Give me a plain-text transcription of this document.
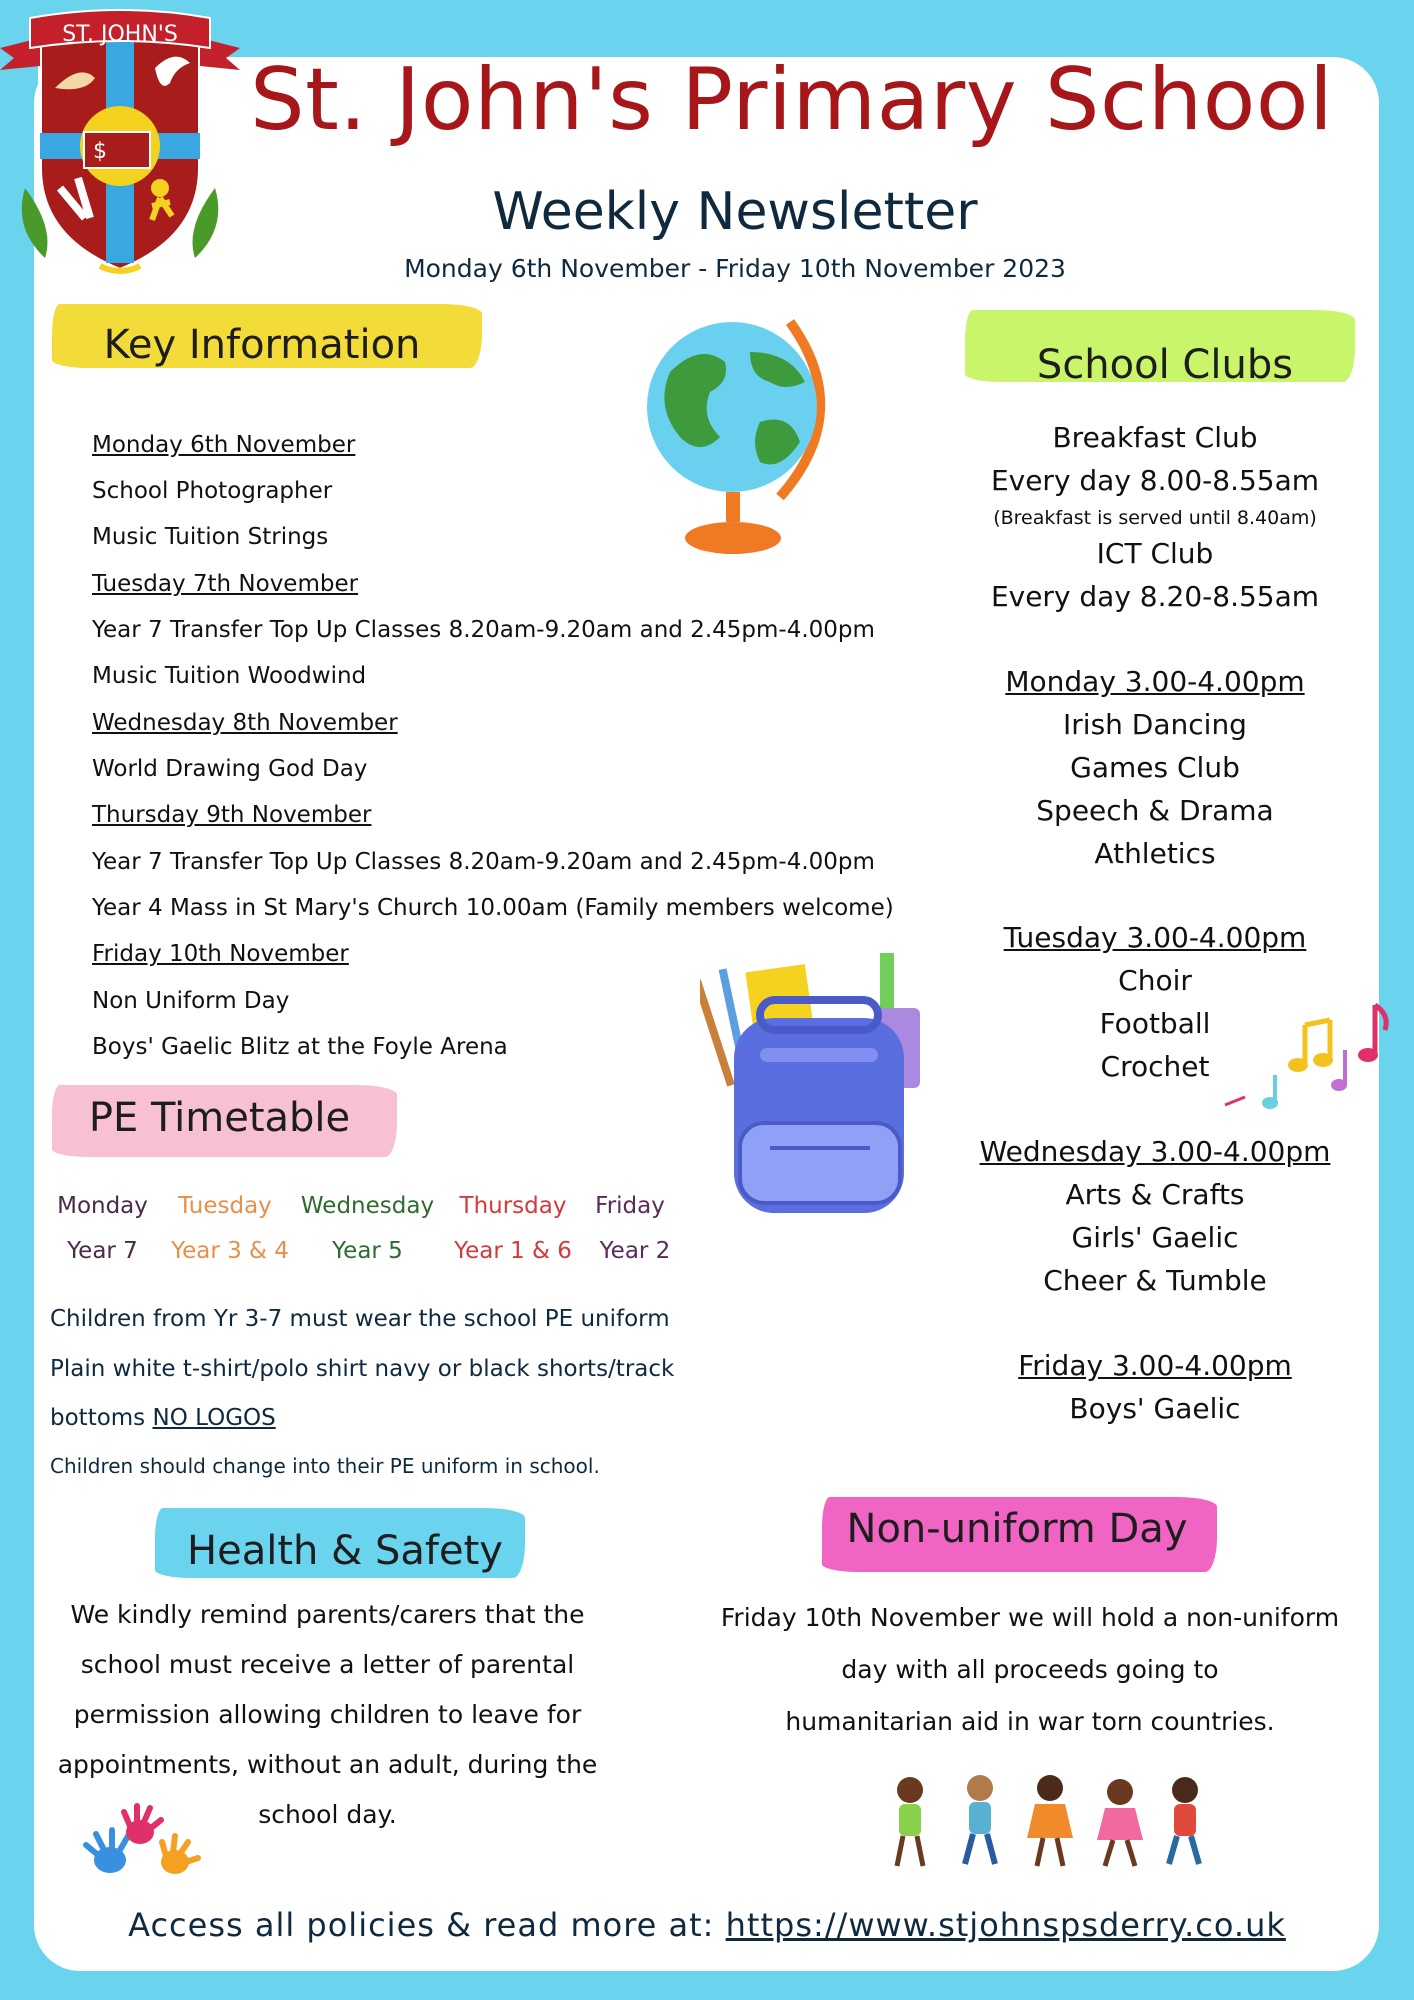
$
ST. JOHN'S
St. John's Primary School
Weekly Newsletter
Monday 6th November - Friday 10th November 2023
Key Information
Monday 6th November
School Photographer
Music Tuition Strings
Tuesday 7th November
Year 7 Transfer Top Up Classes 8.20am-9.20am and 2.45pm-4.00pm
Music Tuition Woodwind
Wednesday 8th November
World Drawing God Day
Thursday 9th November
Year 7 Transfer Top Up Classes 8.20am-9.20am and 2.45pm-4.00pm
Year 4 Mass in St Mary's Church 10.00am (Family members welcome)
Friday 10th November
Non Uniform Day
Boys' Gaelic Blitz at the Foyle Arena
School Clubs
Breakfast Club
Every day 8.00-8.55am
(Breakfast is served until 8.40am)
ICT Club
Every day 8.20-8.55am
Monday 3.00-4.00pm
Irish Dancing
Games Club
Speech & Drama
Athletics
Tuesday 3.00-4.00pm
Choir
Football
Crochet
Wednesday 3.00-4.00pm
Arts & Crafts
Girls' Gaelic
Cheer & Tumble
Friday 3.00-4.00pm
Boys' Gaelic
PE Timetable
Monday
Year 7
Tuesday
Year 3 & 4
Wednesday
Year 5
Thursday
Year 1 & 6
Friday
Year 2
Children from Yr 3-7 must wear the school PE uniform
Plain white t-shirt/polo shirt navy or black shorts/track
bottoms NO LOGOS
Children should change into their PE uniform in school.
Health & Safety
We kindly remind parents/carers that the
school must receive a letter of parental
permission allowing children to leave for
appointments, without an adult, during the
school day.
Non-uniform Day
Friday 10th November we will hold a non-uniform
day with all proceeds going to
humanitarian aid in war torn countries.
Access all policies & read more at: https://www.stjohnspsderry.co.uk
